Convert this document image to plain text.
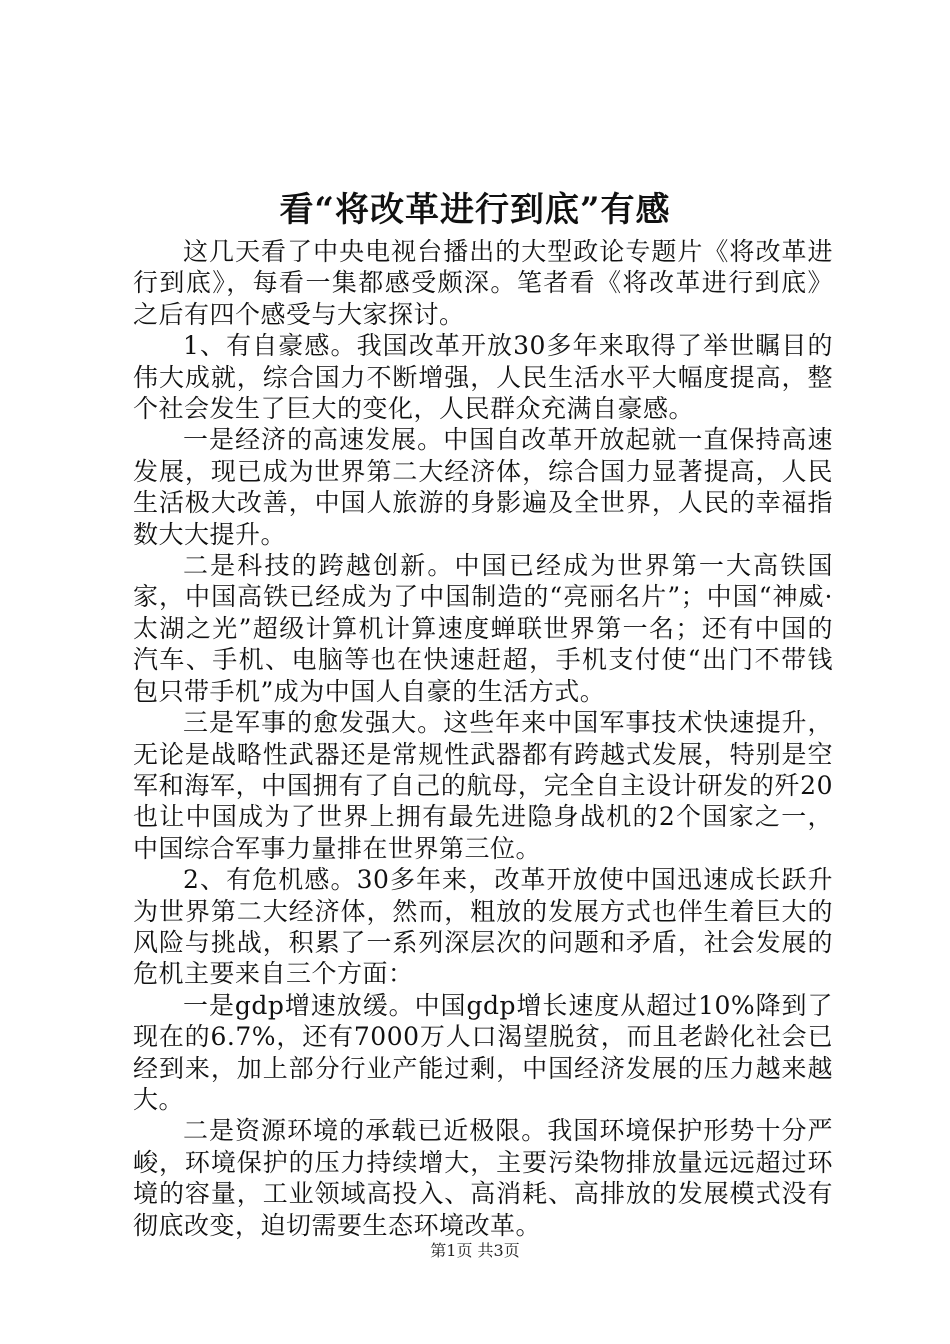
看“将改革进行到底”有感

这几天看了中央电视台播出的大型政论专题片《将改革进行到底》，每看一集都感受颇深。笔者看《将改革进行到底》之后有四个感受与大家探讨。

1、有自豪感。我国改革开放30多年来取得了举世瞩目的伟大成就，综合国力不断增强，人民生活水平大幅度提高，整个社会发生了巨大的变化，人民群众充满自豪感。

一是经济的高速发展。中国自改革开放起就一直保持高速发展，现已成为世界第二大经济体，综合国力显著提高，人民生活极大改善，中国人旅游的身影遍及全世界，人民的幸福指数大大提升。

二是科技的跨越创新。中国已经成为世界第一大高铁国家，中国高铁已经成为了中国制造的“亮丽名片”；中国“神威·太湖之光”超级计算机计算速度蝉联世界第一名；还有中国的汽车、手机、电脑等也在快速赶超，手机支付使“出门不带钱包只带手机”成为中国人自豪的生活方式。

三是军事的愈发强大。这些年来中国军事技术快速提升，无论是战略性武器还是常规性武器都有跨越式发展，特别是空军和海军，中国拥有了自己的航母，完全自主设计研发的歼20也让中国成为了世界上拥有最先进隐身战机的2个国家之一，中国综合军事力量排在世界第三位。

2、有危机感。30多年来，改革开放使中国迅速成长跃升为世界第二大经济体，然而，粗放的发展方式也伴生着巨大的风险与挑战，积累了一系列深层次的问题和矛盾，社会发展的危机主要来自三个方面：

一是gdp增速放缓。中国gdp增长速度从超过10%降到了现在的6.7%，还有7000万人口渴望脱贫，而且老龄化社会已经到来，加上部分行业产能过剩，中国经济发展的压力越来越大。

二是资源环境的承载已近极限。我国环境保护形势十分严峻，环境保护的压力持续增大，主要污染物排放量远远超过环境的容量，工业领域高投入、高消耗、高排放的发展模式没有彻底改变，迫切需要生态环境改革。

第1页 共3页
